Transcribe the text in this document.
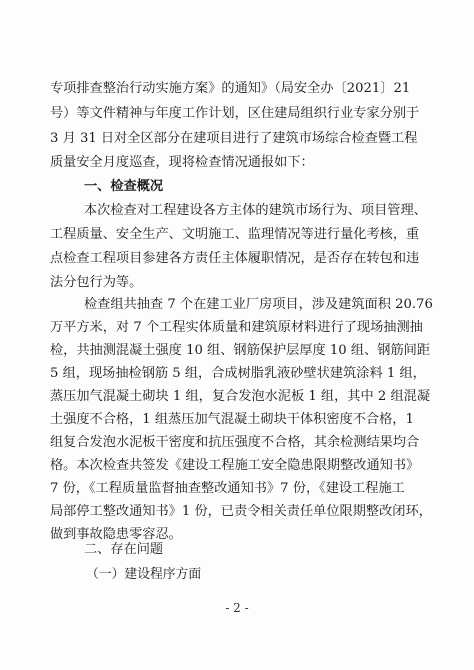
专项排查整治行动实施方案》的通知》（局安全办〔2021〕21
号）等文件精神与年度工作计划，区住建局组织行业专家分别于
3 月 31 日对全区部分在建项目进行了建筑市场综合检查暨工程
质量安全月度巡查，现将检查情况通报如下：
一、检查概况
本次检查对工程建设各方主体的建筑市场行为、项目管理、
工程质量、安全生产、文明施工、监理情况等进行量化考核，重
点检查工程项目参建各方责任主体履职情况，是否存在转包和违
法分包行为等。
检查组共抽查 7 个在建工业厂房项目，涉及建筑面积 20.76
万平方米，对 7 个工程实体质量和建筑原材料进行了现场抽测抽
检，共抽测混凝土强度 10 组、钢筋保护层厚度 10 组、钢筋间距
5 组，现场抽检钢筋 5 组，合成树脂乳液砂壁状建筑涂料 1 组，
蒸压加气混凝土砌块 1 组，复合发泡水泥板 1 组，其中 2 组混凝
土强度不合格，1 组蒸压加气混凝土砌块干体积密度不合格，1
组复合发泡水泥板干密度和抗压强度不合格，其余检测结果均合
格。本次检查共签发《建设工程施工安全隐患限期整改通知书》
7 份，《工程质量监督抽查整改通知书》7 份，《建设工程施工
局部停工整改通知书》1 份，已责令相关责任单位限期整改闭环，
- 2 -
做到事故隐患零容忍。
二、存在问题
（一）建设程序方面
